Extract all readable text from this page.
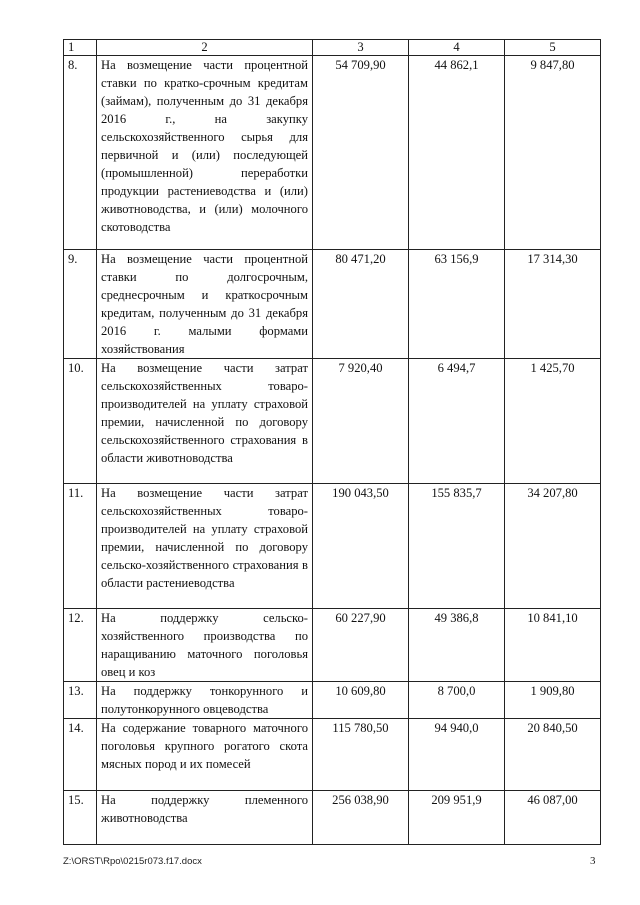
1	2	3	4	5
8.	На возмещение части процентной ставки по кратко-срочным кредитам (займам), полученным до 31 декабря 2016 г., на закупку сельскохозяйственного сырья для первичной и (или) последующей (промышленной) переработки продукции растениеводства и (или) животноводства, и (или) молочного скотоводства	54 709,90	44 862,1	9 847,80
9.	На возмещение части процентной ставки по долгосрочным, среднесрочным и краткосрочным кредитам, полученным до 31 декабря 2016 г. малыми формами хозяйствования	80 471,20	63 156,9	17 314,30
10.	На возмещение части затрат сельскохозяйственных товаро-производителей на уплату страховой премии, начисленной по договору сельскохозяйственного страхования в области животноводства	7 920,40	6 494,7	1 425,70
11.	На возмещение части затрат сельскохозяйственных товаро-производителей на уплату страховой премии, начисленной по договору сельско-хозяйственного страхования в области растениеводства	190 043,50	155 835,7	34 207,80
12.	На поддержку сельско-хозяйственного производства по наращиванию маточного поголовья овец и коз	60 227,90	49 386,8	10 841,10
13.	На поддержку тонкорунного и полутонкорунного овцеводства	10 609,80	8 700,0	1 909,80
14.	На содержание товарного маточного поголовья крупного рогатого скота мясных пород и их помесей	115 780,50	94 940,0	20 840,50
15.	На поддержку племенного животноводства	256 038,90	209 951,9	46 087,00
Z:\ORST\Rpo\0215r073.f17.docx	3
